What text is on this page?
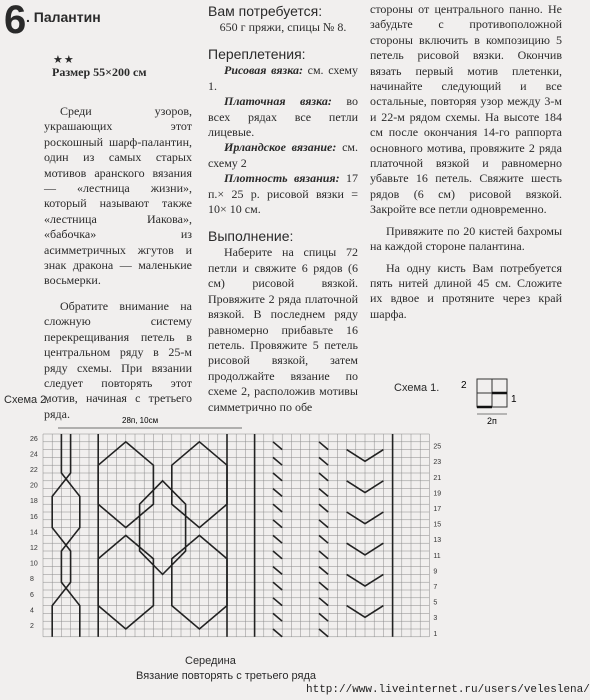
6 . Палантин
★★
Размер 55×200 см

Среди узоров, украшающих этот роскошный шарф-палантин, один из самых старых мотивов аранского вязания — «лестница жизни», который называют также «лестница Иакова», «бабочка» из асимметричных жгутов и знак дракона — маленькие восьмерки.

Обратите внимание на сложную систему перекрещивания петель в центральном ряду в 25-м ряду схемы. При вязании следует повторять этот мотив, начиная с третьего ряда.

Вам потребуется:

650 г пряжи, спицы № 8.

Переплетения:

Рисовая вязка: см. схему 1.

Платочная вязка: во всех рядах все петли лицевые.

Ирландское вязание: см. схему 2

Плотность вязания: 17 п.× 25 р. рисовой вязки = 10× 10 см.

Выполнение:

Наберите на спицы 72 петли и свяжите 6 рядов (6 см) рисовой вязкой. Провяжите 2 ряда платочной вязкой. В последнем ряду равномерно прибавьте 16 петель. Провяжите 5 петель рисовой вязкой, затем продолжайте вязание по схеме 2, расположив мотивы симметрично по обе

стороны от центрального панно. Не забудьте с противоположной стороны включить в композицию 5 петель рисовой вязки. Окончив вязать первый мотив плетенки, начинайте следующий и все остальные, повторяя узор между 3-м и 22-м рядом схемы. На высоте 184 см после окончания 14-го раппорта основного мотива, провяжите 2 ряда платочной вязкой и равномерно убавьте 16 петель. Свяжите шесть рядов (6 см) рисовой вязкой. Закройте все петли одновременно.

Привяжите по 20 кистей бахромы на каждой стороне палантина.

На одну кисть Вам потребуется пять нитей длиной 45 см. Сложите их вдвое и протяните через край шарфа.

Схема 1. 2
1
2п
Схема 2.
26
24
22
20
18
16
14
12
10
8
6
4
2
25
23
21
19
17
15
13
11
9
7
5
3
1
28п, 10см
Середина
Вязание повторять с третьего ряда
http://www.liveinternet.ru/users/veleslena/
